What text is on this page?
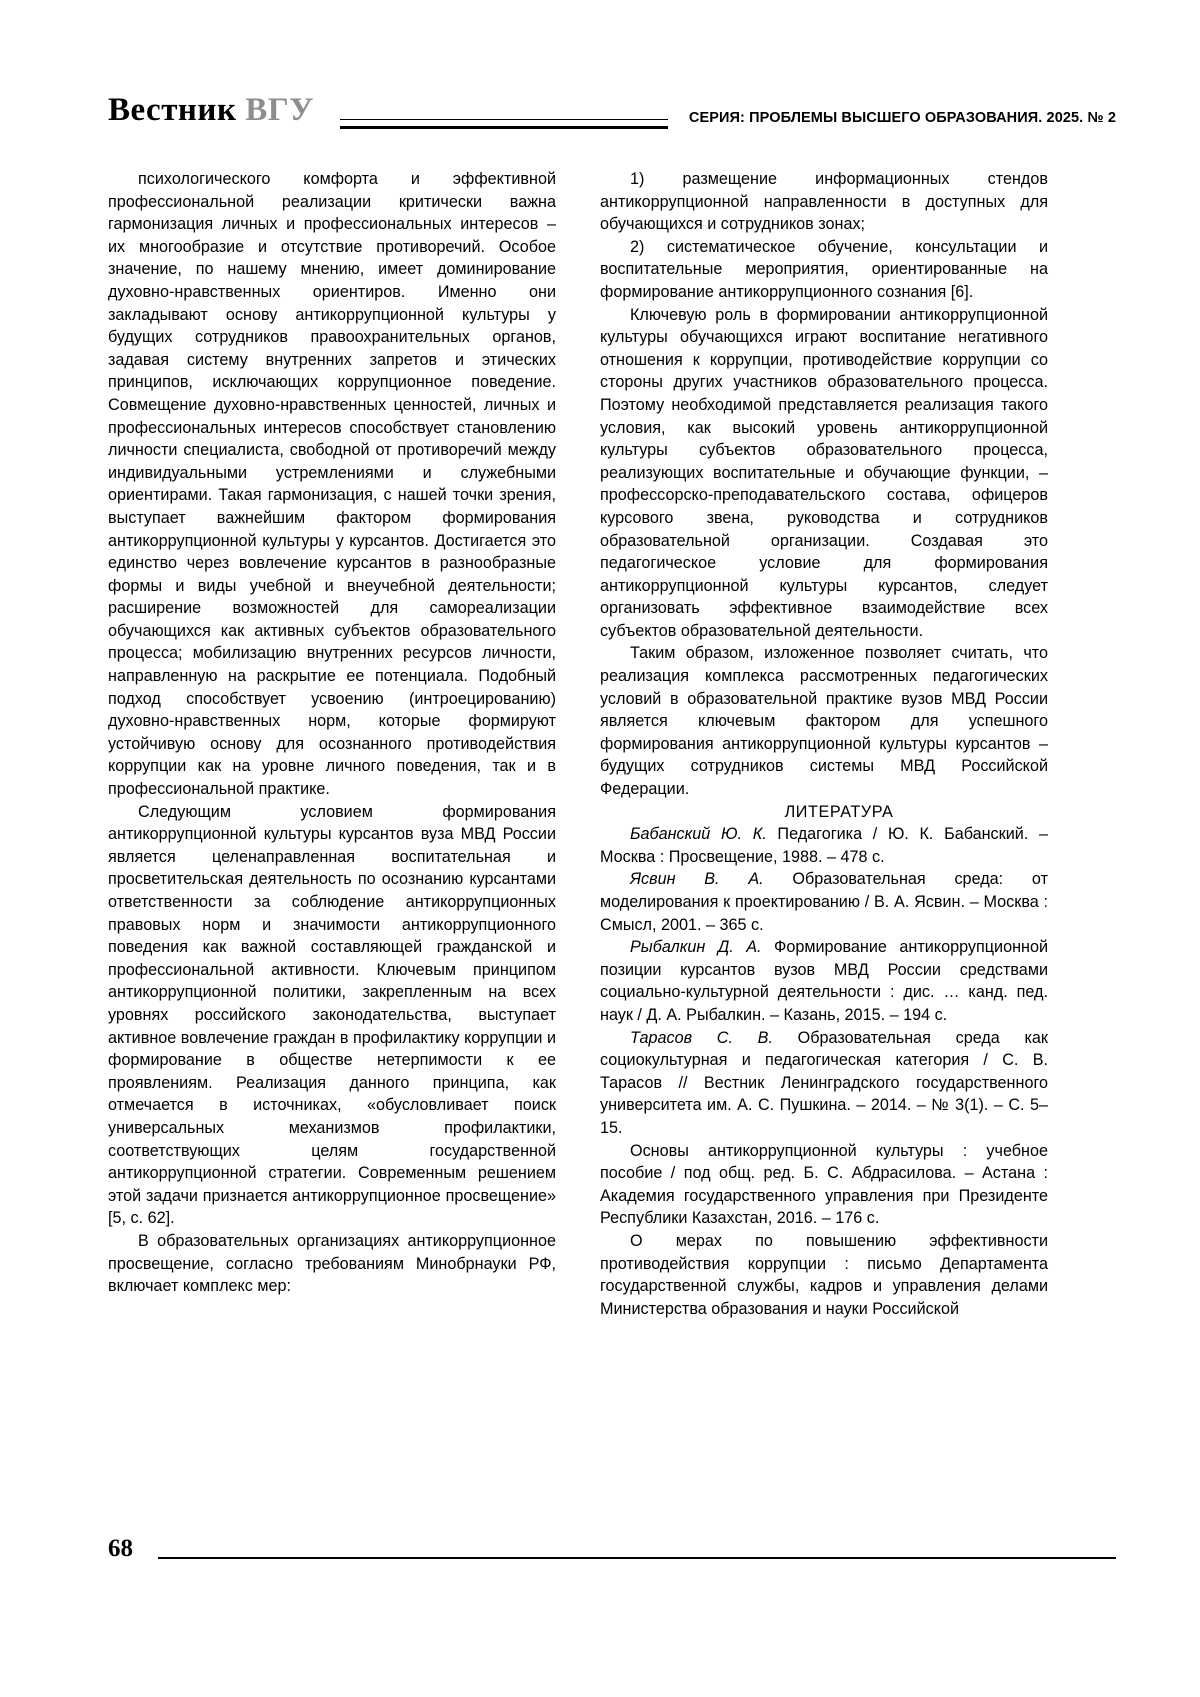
Вестник ВГУ	СЕРИЯ: ПРОБЛЕМЫ ВЫСШЕГО ОБРАЗОВАНИЯ. 2025. № 2

психологического комфорта и эффективной профессиональной реализации критически важна гармонизация личных и профессиональных интересов – их многообразие и отсутствие противоречий. Особое значение, по нашему мнению, имеет доминирование духовно-нравственных ориентиров. Именно они закладывают основу антикоррупционной культуры у будущих сотрудников правоохранительных органов, задавая систему внутренних запретов и этических принципов, исключающих коррупционное поведение. Совмещение духовно-нравственных ценностей, личных и профессиональных интересов способствует становлению личности специалиста, свободной от противоречий между индивидуальными устремлениями и служебными ориентирами. Такая гармонизация, с нашей точки зрения, выступает важнейшим фактором формирования антикоррупционной культуры у курсантов. Достигается это единство через вовлечение курсантов в разнообразные формы и виды учебной и внеучебной деятельности; расширение возможностей для самореализации обучающихся как активных субъектов образовательного процесса; мобилизацию внутренних ресурсов личности, направленную на раскрытие ее потенциала. Подобный подход способствует усвоению (интроецированию) духовно-нравственных норм, которые формируют устойчивую основу для осознанного противодействия коррупции как на уровне личного поведения, так и в профессиональной практике.

Следующим условием формирования антикоррупционной культуры курсантов вуза МВД России является целенаправленная воспитательная и просветительская деятельность по осознанию курсантами ответственности за соблюдение антикоррупционных правовых норм и значимости антикоррупционного поведения как важной составляющей гражданской и профессиональной активности. Ключевым принципом антикоррупционной политики, закрепленным на всех уровнях российского законодательства, выступает активное вовлечение граждан в профилактику коррупции и формирование в обществе нетерпимости к ее проявлениям. Реализация данного принципа, как отмечается в источниках, «обусловливает поиск универсальных механизмов профилактики, соответствующих целям государственной антикоррупционной стратегии. Современным решением этой задачи признается антикоррупционное просвещение» [5, с. 62].

В образовательных организациях антикоррупционное просвещение, согласно требованиям Минобрнауки РФ, включает комплекс мер:

1) размещение информационных стендов антикоррупционной направленности в доступных для обучающихся и сотрудников зонах;

2) систематическое обучение, консультации и воспитательные мероприятия, ориентированные на формирование антикоррупционного сознания [6].

Ключевую роль в формировании антикоррупционной культуры обучающихся играют воспитание негативного отношения к коррупции, противодействие коррупции со стороны других участников образовательного процесса. Поэтому необходимой представляется реализация такого условия, как высокий уровень антикоррупционной культуры субъектов образовательного процесса, реализующих воспитательные и обучающие функции, – профессорско-преподавательского состава, офицеров курсового звена, руководства и сотрудников образовательной организации. Создавая это педагогическое условие для формирования антикоррупционной культуры курсантов, следует организовать эффективное взаимодействие всех субъектов образовательной деятельности.

Таким образом, изложенное позволяет считать, что реализация комплекса рассмотренных педагогических условий в образовательной практике вузов МВД России является ключевым фактором для успешного формирования антикоррупционной культуры курсантов – будущих сотрудников системы МВД Российской Федерации.

ЛИТЕРАТУРА

Бабанский Ю. К. Педагогика / Ю. К. Бабанский. – Москва : Просвещение, 1988. – 478 с.

Ясвин В. А. Образовательная среда: от моделирования к проектированию / В. А. Ясвин. – Москва : Смысл, 2001. – 365 с.

Рыбалкин Д. А. Формирование антикоррупционной позиции курсантов вузов МВД России средствами социально-культурной деятельности : дис. … канд. пед. наук / Д. А. Рыбалкин. – Казань, 2015. – 194 с.

Тарасов С. В. Образовательная среда как социокультурная и педагогическая категория / С. В. Тарасов // Вестник Ленинградского государственного университета им. А. С. Пушкина. – 2014. – № 3(1). – С. 5–15.

Основы антикоррупционной культуры : учебное пособие / под общ. ред. Б. С. Абдрасилова. – Астана : Академия государственного управления при Президенте Республики Казахстан, 2016. – 176 с.

О мерах по повышению эффективности противодействия коррупции : письмо Департамента государственной службы, кадров и управления делами Министерства образования и науки Российской

68
